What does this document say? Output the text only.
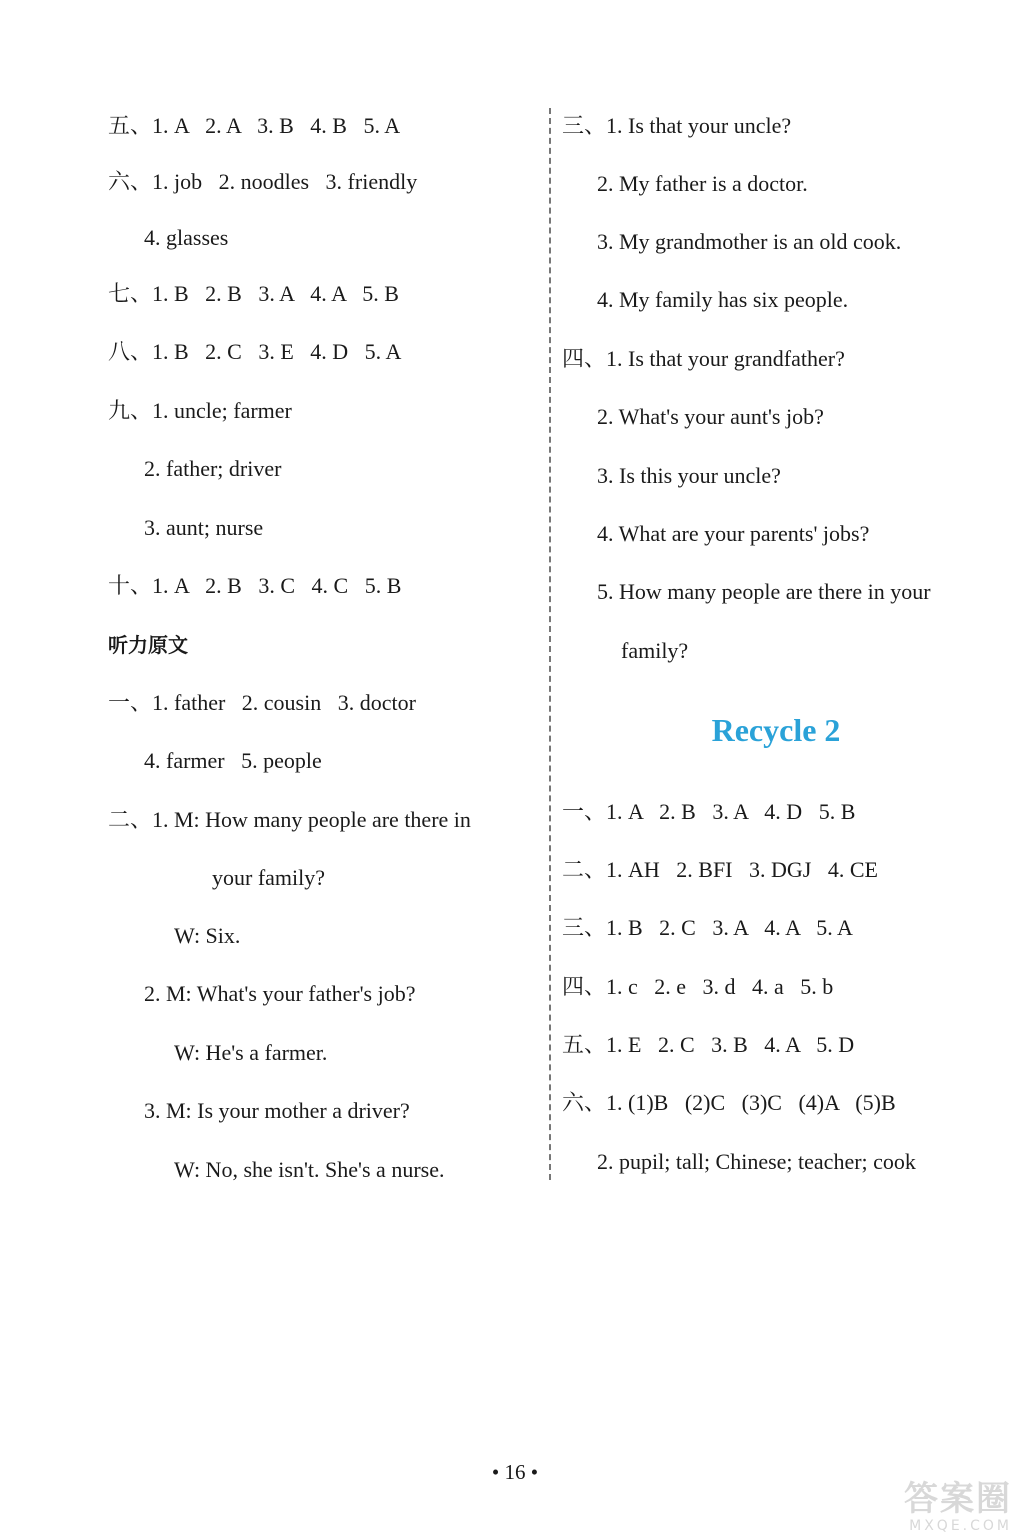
五、1. A   2. A   3. B   4. B   5. A
六、1. job   2. noodles   3. friendly
4. glasses
七、1. B   2. B   3. A   4. A   5. B
八、1. B   2. C   3. E   4. D   5. A
九、1. uncle; farmer
2. father; driver
3. aunt; nurse
十、1. A   2. B   3. C   4. C   5. B
听力原文
一、1. father   2. cousin   3. doctor
4. farmer   5. people
二、1. M: How many people are there in
your family?
W: Six.
2. M: What's your father's job?
W: He's a farmer.
3. M: Is your mother a driver?
W: No, she isn't. She's a nurse.
三、1. Is that your uncle?
2. My father is a doctor.
3. My grandmother is an old cook.
4. My family has six people.
四、1. Is that your grandfather?
2. What's your aunt's job?
3. Is this your uncle?
4. What are your parents' jobs?
5. How many people are there in your
family?
Recycle 2
一、1. A   2. B   3. A   4. D   5. B
二、1. AH   2. BFI   3. DGJ   4. CE
三、1. B   2. C   3. A   4. A   5. A
四、1. c   2. e   3. d   4. a   5. b
五、1. E   2. C   3. B   4. A   5. D
六、1. (1)B   (2)C   (3)C   (4)A   (5)B
2. pupil; tall; Chinese; teacher; cook
• 16 •
答案圈
MXQE.COM
